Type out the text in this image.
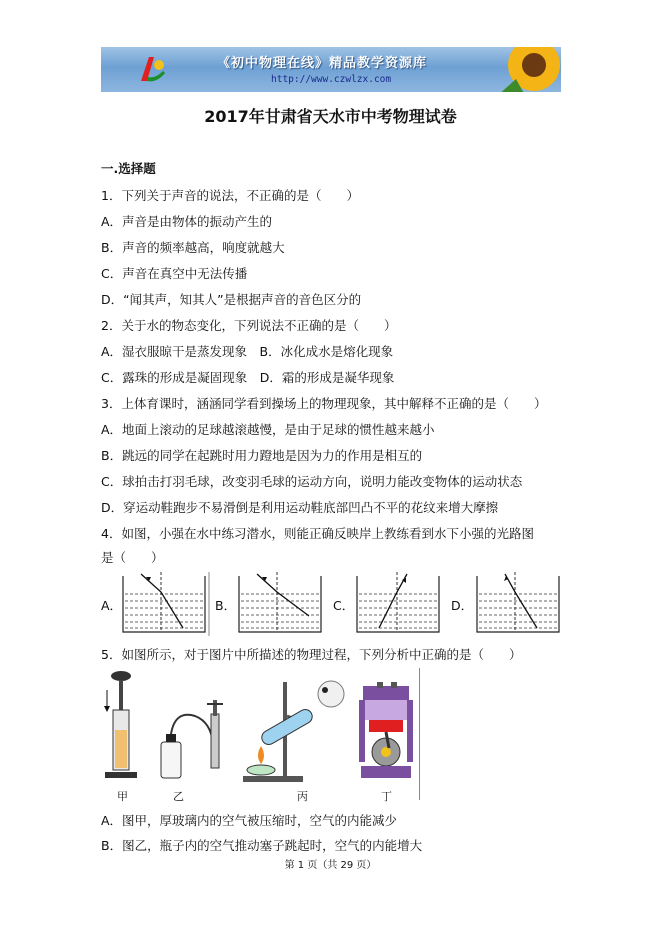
《初中物理在线》精品教学资源库
http://www.czwlzx.com
2017年甘肃省天水市中考物理试卷
一.选择题
1．下列关于声音的说法，不正确的是（　　）
A．声音是由物体的振动产生的
B．声音的频率越高，响度就越大
C．声音在真空中无法传播
D．“闻其声，知其人”是根据声音的音色区分的
2．关于水的物态变化，下列说法不正确的是（　　）
A．湿衣服晾干是蒸发现象　B．冰化成水是熔化现象
C．露珠的形成是凝固现象　D．霜的形成是凝华现象
3．上体育课时，涵涵同学看到操场上的物理现象，其中解释不正确的是（　　）
A．地面上滚动的足球越滚越慢，是由于足球的惯性越来越小
B．跳远的同学在起跳时用力蹬地是因为力的作用是相互的
C．球拍击打羽毛球，改变羽毛球的运动方向，说明力能改变物体的运动状态
D．穿运动鞋跑步不易滑倒是利用运动鞋底部凹凸不平的花纹来增大摩擦
4．如图，小强在水中练习潜水，则能正确反映岸上教练看到水下小强的光路图
是（　　）
A．	B．	C．	D．
5．如图所示，对于图片中所描述的物理过程，下列分析中正确的是（　　）
甲	乙	丙	丁
A．图甲，厚玻璃内的空气被压缩时，空气的内能减少
B．图乙，瓶子内的空气推动塞子跳起时，空气的内能增大
第 1 页（共 29 页）
